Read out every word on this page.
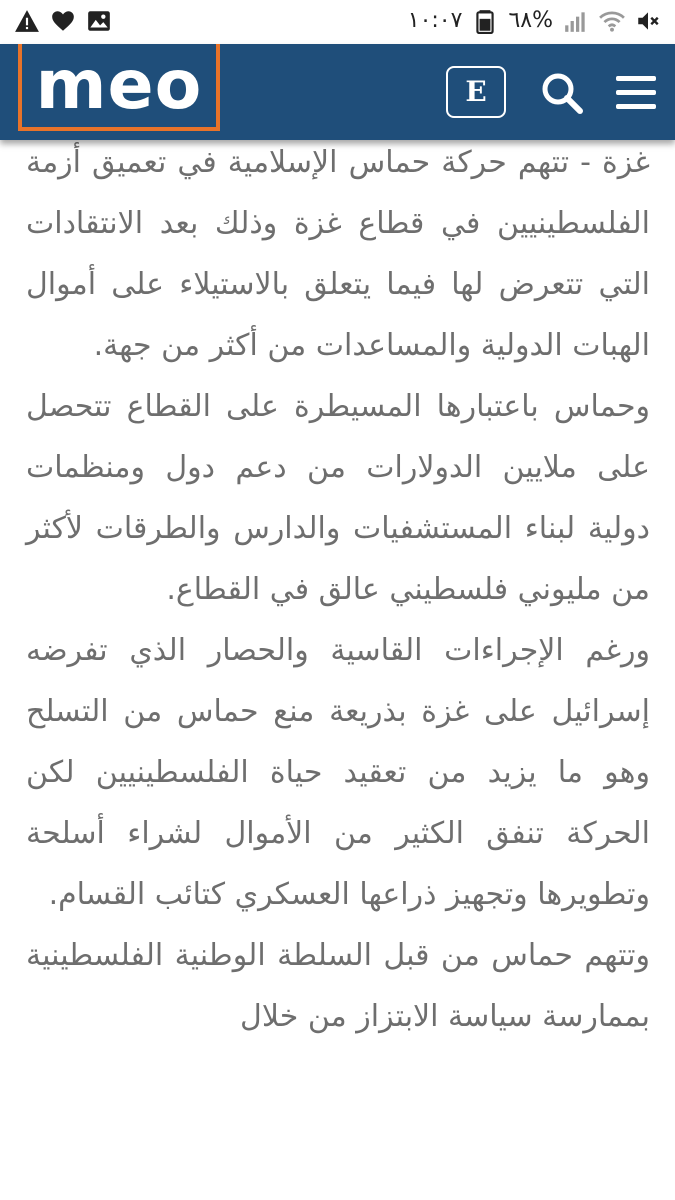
١٠:٠٧ ٦٨%
meo	E

غزة - تتهم حركة حماس الإسلامية في تعميق أزمة الفلسطينيين في قطاع غزة وذلك بعد الانتقادات التي تتعرض لها فيما يتعلق بالاستيلاء على أموال الهبات الدولية والمساعدات من أكثر من جهة.

وحماس باعتبارها المسيطرة على القطاع تتحصل على ملايين الدولارات من دعم دول ومنظمات دولية لبناء المستشفيات والدارس والطرقات لأكثر من مليوني فلسطيني عالق في القطاع.

ورغم الإجراءات القاسية والحصار الذي تفرضه إسرائيل على غزة بذريعة منع حماس من التسلح وهو ما يزيد من تعقيد حياة الفلسطينيين لكن الحركة تنفق الكثير من الأموال لشراء أسلحة وتطويرها وتجهيز ذراعها العسكري كتائب القسام.

وتتهم حماس من قبل السلطة الوطنية الفلسطينية بممارسة سياسة الابتزاز من خلال
